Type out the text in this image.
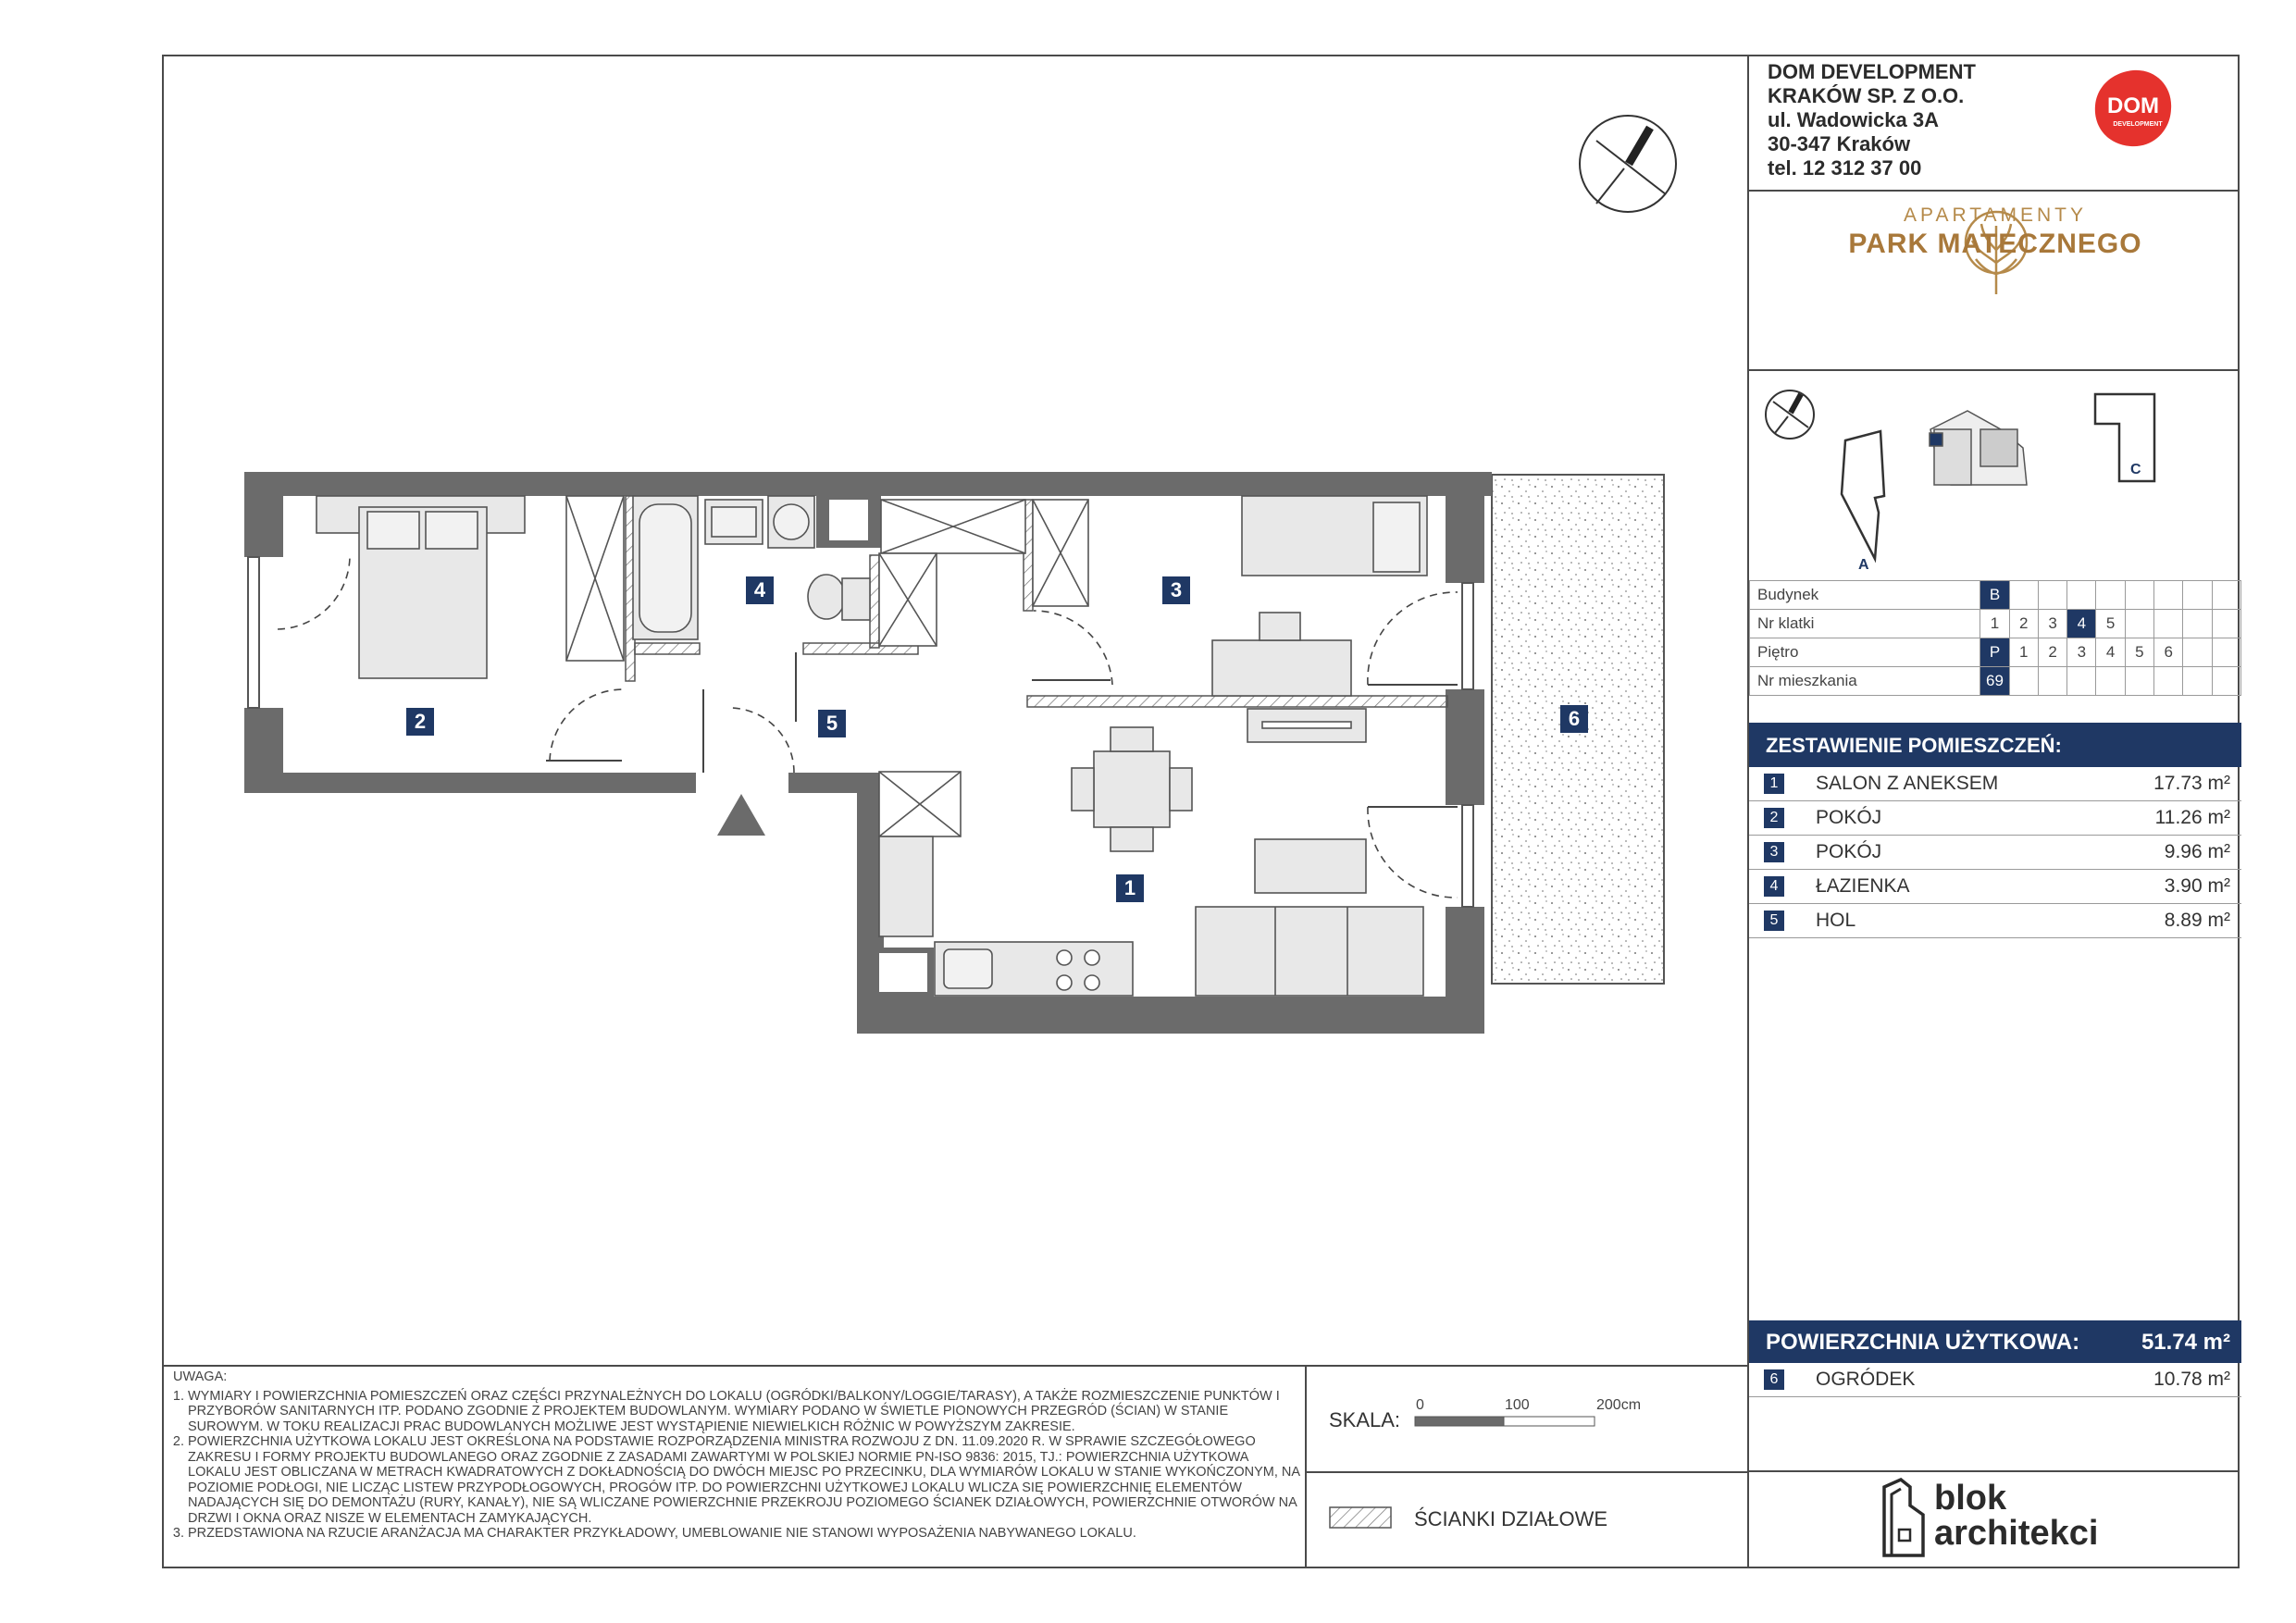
1
2
3
4
5	6
UWAGA:
1. WYMIARY I POWIERZCHNIA POMIESZCZEŃ ORAZ CZĘŚCI PRZYNALEŻNYCH DO LOKALU (OGRÓDKI/BALKONY/LOGGIE/TARASY), A TAKŻE ROZMIESZCZENIE PUNKTÓW I PRZYBORÓW SANITARNYCH ITP. PODANO ZGODNIE Z PROJEKTEM BUDOWLANYM. WYMIARY PODANO W ŚWIETLE PIONOWYCH PRZEGRÓD (ŚCIAN) W STANIE SUROWYM. W TOKU REALIZACJI PRAC BUDOWLANYCH MOŻLIWE JEST WYSTĄPIENIE NIEWIELKICH RÓŻNIC W POWYŻSZYM ZAKRESIE.
2. POWIERZCHNIA UŻYTKOWA LOKALU JEST OKREŚLONA NA PODSTAWIE ROZPORZĄDZENIA MINISTRA ROZWOJU Z DN. 11.09.2020 R. W SPRAWIE SZCZEGÓŁOWEGO ZAKRESU I FORMY PROJEKTU BUDOWLANEGO ORAZ ZGODNIE Z ZASADAMI ZAWARTYMI W POLSKIEJ NORMIE PN-ISO 9836: 2015, TJ.: POWIERZCHNIA UŻYTKOWA LOKALU JEST OBLICZANA W METRACH KWADRATOWYCH Z DOKŁADNOŚCIĄ DO DWÓCH MIEJSC PO PRZECINKU, DLA WYMIARÓW LOKALU W STANIE WYKOŃCZONYM, NA POZIOMIE PODŁOGI, NIE LICZĄC LISTEW PRZYPODŁOGOWYCH, PROGÓW ITP. DO POWIERZCHNI UŻYTKOWEJ LOKALU WLICZA SIĘ POWIERZCHNIĘ ELEMENTÓW NADAJĄCYCH SIĘ DO DEMONTAŻU (RURY, KANAŁY), NIE SĄ WLICZANE POWIERZCHNIE PRZEKROJU POZIOMEGO ŚCIANEK DZIAŁOWYCH, POWIERZCHNIE OTWORÓW NA DRZWI I OKNA ORAZ NISZE W ELEMENTACH ZAMYKAJĄCYCH.
3. PRZEDSTAWIONA NA RZUCIE ARANŻACJA MA CHARAKTER PRZYKŁADOWY, UMEBLOWANIE NIE STANOWI WYPOSAŻENIA NABYWANEGO LOKALU.
SKALA:
0	100	200cm
ŚCIANKI DZIAŁOWE
DOM DEVELOPMENT
KRAKÓW SP. Z O.O.
ul. Wadowicka 3A
30-347 Kraków
tel. 12 312 37 00
DOM
DEVELOPMENT
APARTAMENTY
PARK MATECZNEGO
A
C
Budynek	B								
Nr klatki	1	2	3	4	5				
Piętro	P	1	2	3	4	5	6		
Nr mieszkania	69								
ZESTAWIENIE POMIESZCZEŃ:
1	SALON Z ANEKSEM	17.73 m²
2	POKÓJ	11.26 m²
3	POKÓJ	9.96 m²
4	ŁAZIENKA	3.90 m²
5	HOL	8.89 m²
POWIERZCHNIA UŻYTKOWA:	51.74 m²
6	OGRÓDEK	10.78 m²
blok
architekci
